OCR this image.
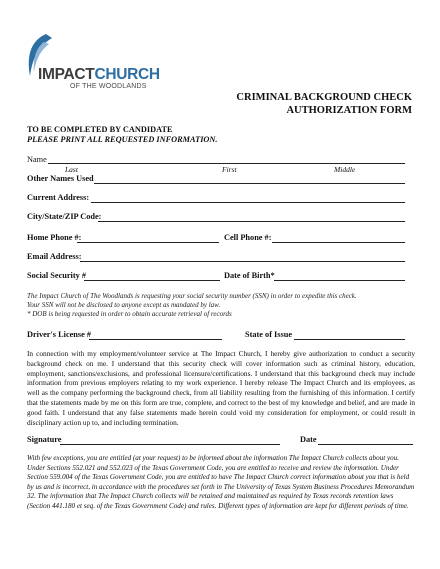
IMPACTCHURCH
OF THE WOODLANDS
CRIMINAL BACKGROUND CHECK
AUTHORIZATION FORM
TO BE COMPLETED BY CANDIDATE
PLEASE PRINT ALL REQUESTED INFORMATION.
Name
Last	First	Middle
Other Names Used
Current Address:
City/State/ZIP Code:
Home Phone #:	Cell Phone #:
Email Address:
Social Security #	Date of Birth*
The Impact Church of The Woodlands is requesting your social security number (SSN) in order to expedite this check.
Your SSN will not be disclosed to anyone except as mandated by law.
* DOB is being requested in order to obtain accurate retrieval of records
Driver's License #	State of Issue
In connection with my employment/volunteer service at The Impact Church, I hereby give authorization to conduct a security background check on me. I understand that this security check will cover information such as criminal history, education, employment, sanctions/exclusions, and professional licensure/certifications. I understand that this background check may include information from previous employers relating to my work experience. I hereby release The Impact Church and its employees, as well as the company performing the background check, from all liability resulting from the furnishing of this information. I certify that the statements made by me on this form are true, complete, and correct to the best of my knowledge and belief, and are made in good faith. I understand that any false statements made herein could void my consideration for employment, or could result in disciplinary action up to, and including termination.
Signature	Date
With few exceptions, you are entitled (at your request) to be informed about the information The Impact Church collects about you. Under Sections 552.021 and 552.023 of the Texas Government Code, you are entitled to receive and review the information. Under Section 559.004 of the Texas Government Code, you are entitled to have The Impact Church correct information about you that is held by us and is incorrect, in accordance with the procedures set forth in The University of Texas System Business Procedures Memorandum 32. The information that The Impact Church collects will be retained and maintained as required by Texas records retention laws (Section 441.180 et seq. of the Texas Government Code) and rules. Different types of information are kept for different periods of time.
